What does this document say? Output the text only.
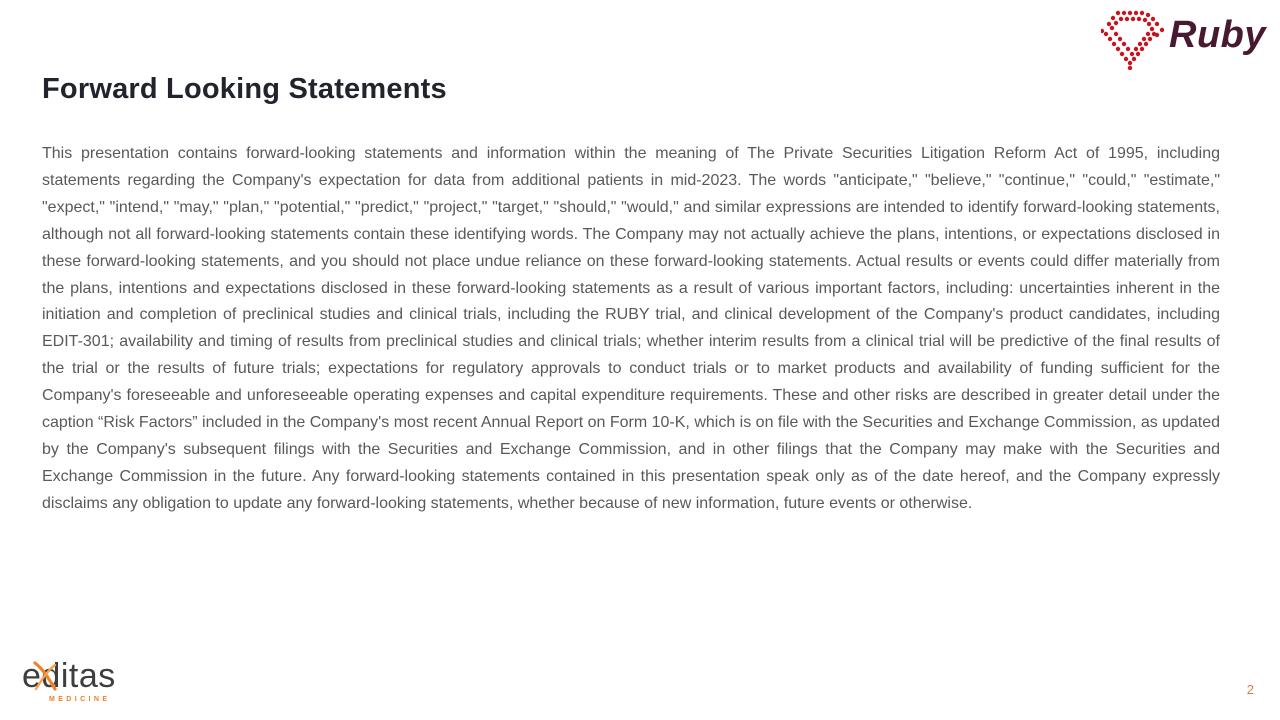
Ruby
Forward Looking Statements

This presentation contains forward-looking statements and information within the meaning of The Private Securities Litigation Reform Act of 1995, including statements regarding the Company's expectation for data from additional patients in mid-2023. The words "anticipate," "believe," "continue," "could," "estimate," "expect," "intend," "may," "plan," "potential," "predict," "project," "target," "should," "would," and similar expressions are intended to identify forward-looking statements, although not all forward-looking statements contain these identifying words. The Company may not actually achieve the plans, intentions, or expectations disclosed in these forward-looking statements, and you should not place undue reliance on these forward-looking statements. Actual results or events could differ materially from the plans, intentions and expectations disclosed in these forward-looking statements as a result of various important factors, including: uncertainties inherent in the initiation and completion of preclinical studies and clinical trials, including the RUBY trial, and clinical development of the Company's product candidates, including EDIT-301; availability and timing of results from preclinical studies and clinical trials; whether interim results from a clinical trial will be predictive of the final results of the trial or the results of future trials; expectations for regulatory approvals to conduct trials or to market products and availability of funding sufficient for the Company's foreseeable and unforeseeable operating expenses and capital expenditure requirements. These and other risks are described in greater detail under the caption “Risk Factors” included in the Company's most recent Annual Report on Form 10-K, which is on file with the Securities and Exchange Commission, as updated by the Company's subsequent filings with the Securities and Exchange Commission, and in other filings that the Company may make with the Securities and Exchange Commission in the future. Any forward-looking statements contained in this presentation speak only as of the date hereof, and the Company expressly disclaims any obligation to update any forward-looking statements, whether because of new information, future events or otherwise.

editas
MEDICINE
2
